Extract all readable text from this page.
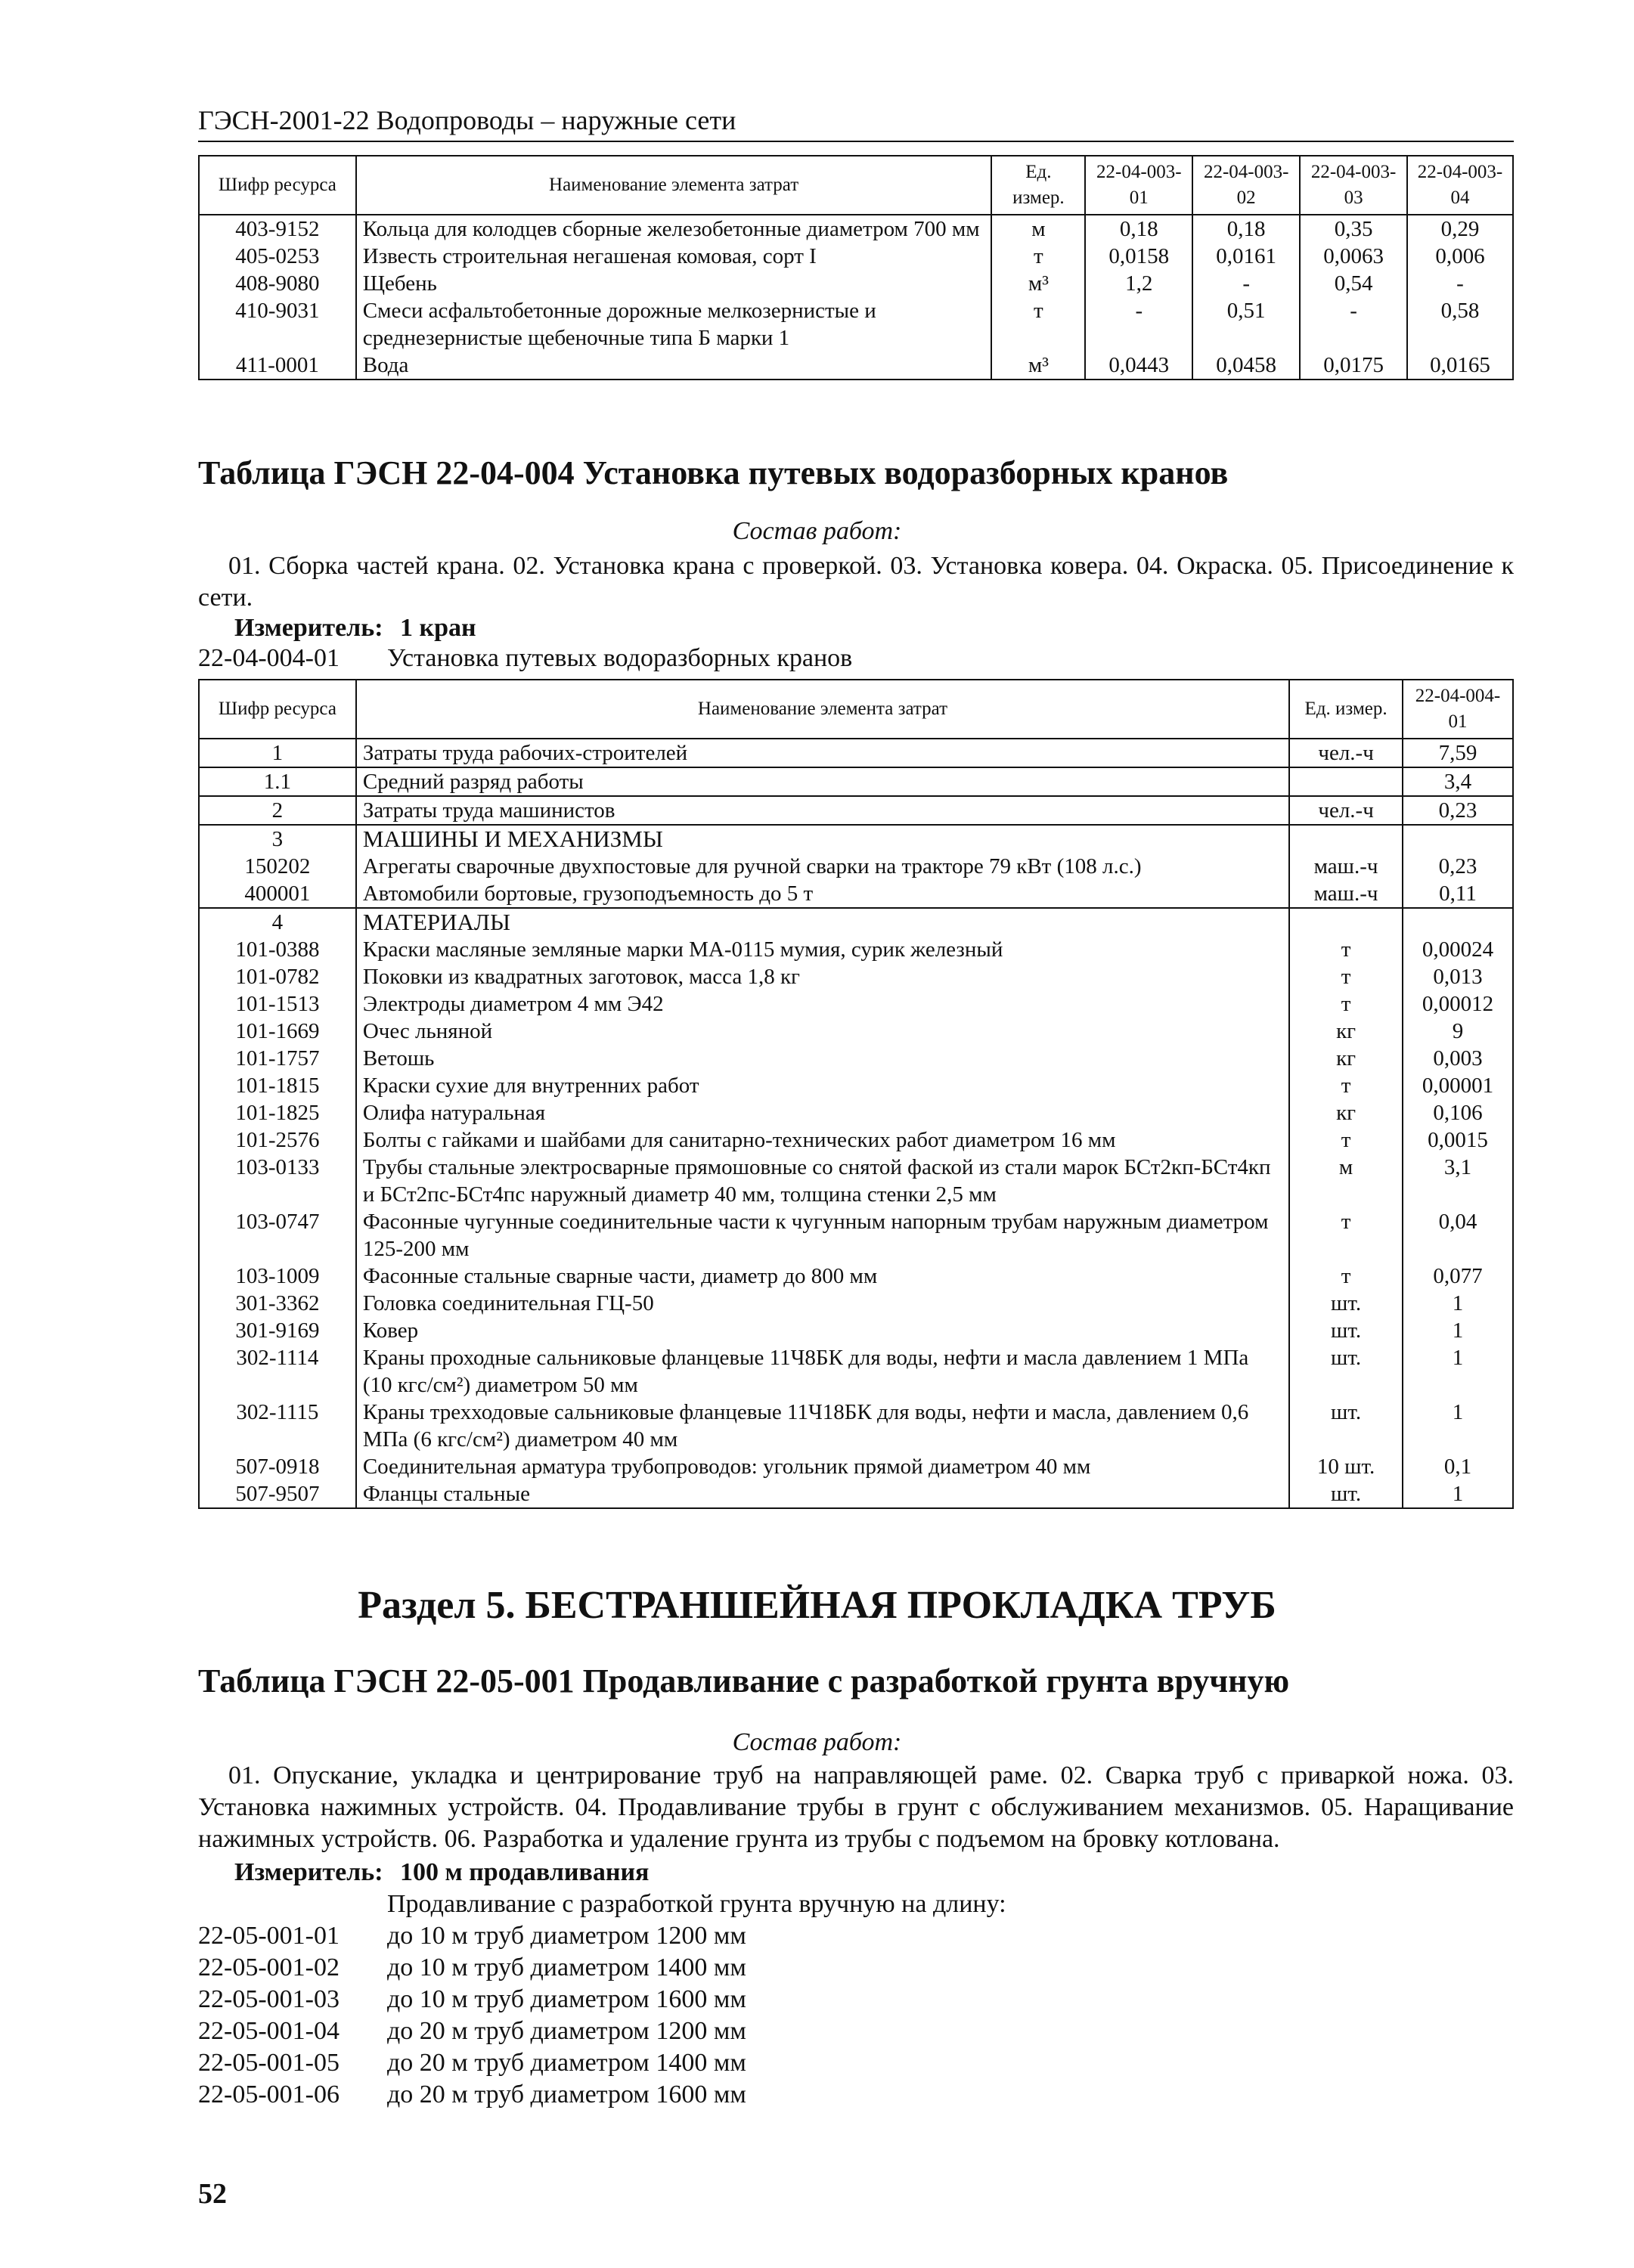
ГЭСН-2001-22 Водопроводы – наружные сети
Шифр ресурса	Наименование элемента затрат	Ед. измер.	22-04-003-01	22-04-003-02	22-04-003-03	22-04-003-04
403-9152	Кольца для колодцев сборные железобетонные диаметром 700 мм	м	0,18	0,18	0,35	0,29
405-0253	Известь строительная негашеная комовая, сорт I	т	0,0158	0,0161	0,0063	0,006
408-9080	Щебень	м³	1,2	-	0,54	-
410-9031	Смеси асфальтобетонные дорожные мелкозернистые и среднезернистые щебеночные типа Б марки 1	т	-	0,51	-	0,58
411-0001	Вода	м³	0,0443	0,0458	0,0175	0,0165
Таблица ГЭСН 22-04-004 Установка путевых водоразборных кранов
Состав работ:
01. Сборка частей крана. 02. Установка крана с проверкой. 03. Установка ковера. 04. Окраска. 05. Присоединение к сети.
Измеритель: 1 кран
22-04-004-01 Установка путевых водоразборных кранов
Шифр ресурса	Наименование элемента затрат	Ед. измер.	22-04-004-01
1	Затраты труда рабочих-строителей	чел.-ч	7,59
1.1	Средний разряд работы		3,4
2	Затраты труда машинистов	чел.-ч	0,23
3	МАШИНЫ И МЕХАНИЗМЫ		
150202	Агрегаты сварочные двухпостовые для ручной сварки на тракторе 79 кВт (108 л.с.)	маш.-ч	0,23
400001	Автомобили бортовые, грузоподъемность до 5 т	маш.-ч	0,11
4	МАТЕРИАЛЫ		
101-0388	Краски масляные земляные марки МА-0115 мумия, сурик железный	т	0,00024
101-0782	Поковки из квадратных заготовок, масса 1,8 кг	т	0,013
101-1513	Электроды диаметром 4 мм Э42	т	0,00012
101-1669	Очес льняной	кг	9
101-1757	Ветошь	кг	0,003
101-1815	Краски сухие для внутренних работ	т	0,00001
101-1825	Олифа натуральная	кг	0,106
101-2576	Болты с гайками и шайбами для санитарно-технических работ диаметром 16 мм	т	0,0015
103-0133	Трубы стальные электросварные прямошовные со снятой фаской из стали марок БСт2кп-БСт4кп и БСт2пс-БСт4пс наружный диаметр 40 мм, толщина стенки 2,5 мм	м	3,1
103-0747	Фасонные чугунные соединительные части к чугунным напорным трубам наружным диаметром 125-200 мм	т	0,04
103-1009	Фасонные стальные сварные части, диаметр до 800 мм	т	0,077
301-3362	Головка соединительная ГЦ-50	шт.	1
301-9169	Ковер	шт.	1
302-1114	Краны проходные сальниковые фланцевые 11Ч8БК для воды, нефти и масла давлением 1 МПа (10 кгс/см²) диаметром 50 мм	шт.	1
302-1115	Краны трехходовые сальниковые фланцевые 11Ч18БК для воды, нефти и масла, давлением 0,6 МПа (6 кгс/см²) диаметром 40 мм	шт.	1
507-0918	Соединительная арматура трубопроводов: угольник прямой диаметром 40 мм	10 шт.	0,1
507-9507	Фланцы стальные	шт.	1
Раздел 5. БЕСТРАНШЕЙНАЯ ПРОКЛАДКА ТРУБ
Таблица ГЭСН 22-05-001 Продавливание с разработкой грунта вручную
Состав работ:
01. Опускание, укладка и центрирование труб на направляющей раме. 02. Сварка труб с приваркой ножа. 03. Установка нажимных устройств. 04. Продавливание трубы в грунт с обслуживанием механизмов. 05. Наращивание нажимных устройств. 06. Разработка и удаление грунта из трубы с подъемом на бровку котлована.
Измеритель: 100 м продавливания
Продавливание с разработкой грунта вручную на длину:
22-05-001-01 до 10 м труб диаметром 1200 мм
22-05-001-02 до 10 м труб диаметром 1400 мм
22-05-001-03 до 10 м труб диаметром 1600 мм
22-05-001-04 до 20 м труб диаметром 1200 мм
22-05-001-05 до 20 м труб диаметром 1400 мм
22-05-001-06 до 20 м труб диаметром 1600 мм
52
